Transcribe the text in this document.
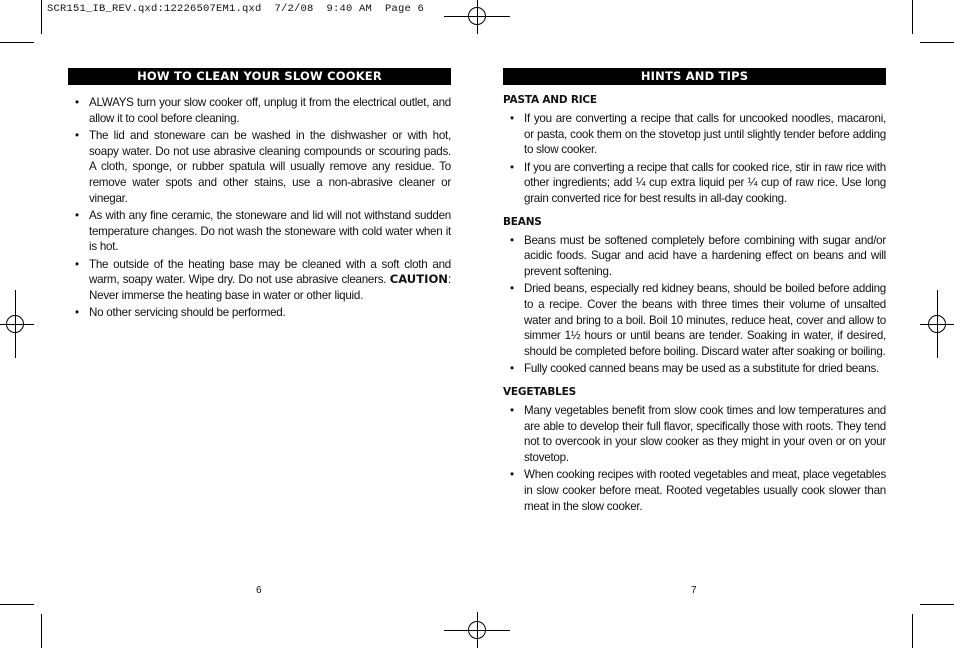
SCR151_IB_REV.qxd:12226507EM1.qxd  7/2/08  9:40 AM  Page 6
HOW TO CLEAN YOUR SLOW COOKER
• ALWAYS turn your slow cooker off, unplug it from the electrical outlet, and allow it to cool before cleaning.
• The lid and stoneware can be washed in the dishwasher or with hot, soapy water. Do not use abrasive cleaning compounds or scouring pads. A cloth, sponge, or rubber spatula will usually remove any residue. To remove water spots and other stains, use a non-abrasive cleaner or vinegar.
• As with any fine ceramic, the stoneware and lid will not withstand sudden temperature changes. Do not wash the stoneware with cold water when it is hot.
• The outside of the heating base may be cleaned with a soft cloth and warm, soapy water. Wipe dry. Do not use abrasive cleaners. CAUTION: Never immerse the heating base in water or other liquid.
• No other servicing should be performed.
6
HINTS AND TIPS
PASTA AND RICE
• If you are converting a recipe that calls for uncooked noodles, macaroni, or pasta, cook them on the stovetop just until slightly tender before adding to slow cooker.
• If you are converting a recipe that calls for cooked rice, stir in raw rice with other ingredients; add ¼ cup extra liquid per ¼ cup of raw rice. Use long grain converted rice for best results in all-day cooking.
BEANS
• Beans must be softened completely before combining with sugar and/or acidic foods. Sugar and acid have a hardening effect on beans and will prevent softening.
• Dried beans, especially red kidney beans, should be boiled before adding to a recipe. Cover the beans with three times their volume of unsalted water and bring to a boil. Boil 10 minutes, reduce heat, cover and allow to simmer 1½ hours or until beans are tender. Soaking in water, if desired, should be completed before boiling. Discard water after soaking or boiling.
• Fully cooked canned beans may be used as a substitute for dried beans.
VEGETABLES
• Many vegetables benefit from slow cook times and low temperatures and are able to develop their full flavor, specifically those with roots. They tend not to overcook in your slow cooker as they might in your oven or on your stovetop.
• When cooking recipes with rooted vegetables and meat, place vegetables in slow cooker before meat. Rooted vegetables usually cook slower than meat in the slow cooker.
7
